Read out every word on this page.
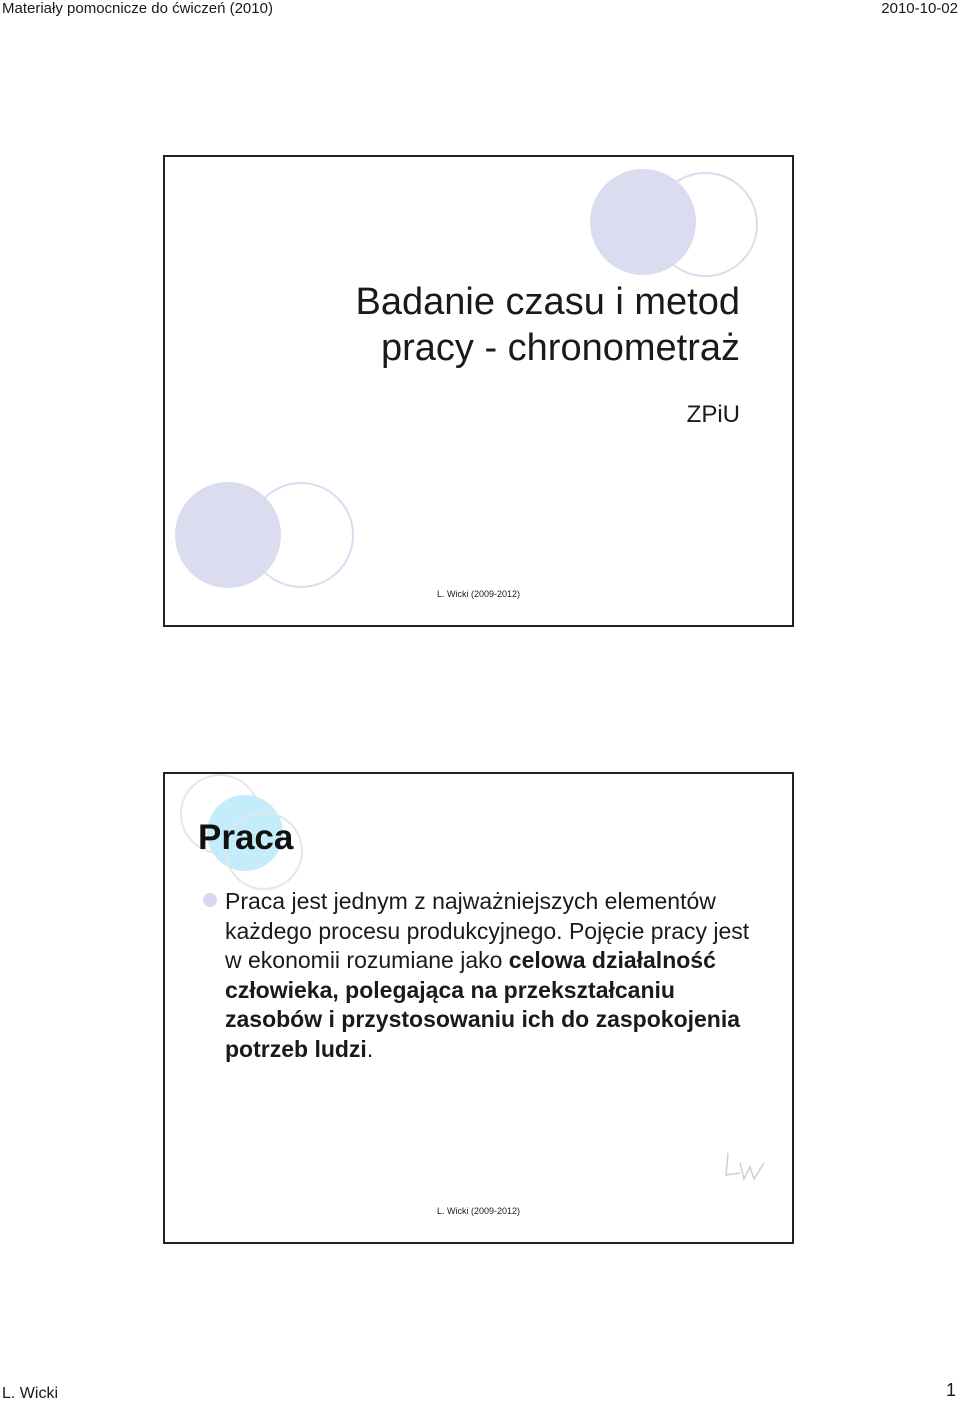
Materiały pomocnicze do ćwiczeń (2010)	2010-10-02
Badanie czasu i metod
pracy - chronometraż
ZPiU
L. Wicki (2009-2012)
Praca
Praca jest jednym z najważniejszych elementów każdego procesu produkcyjnego. Pojęcie pracy jest w ekonomii rozumiane jako celowa działalność człowieka, polegająca na przekształcaniu zasobów i przystosowaniu ich do zaspokojenia potrzeb ludzi.
L. Wicki (2009-2012)
L. Wicki	1
